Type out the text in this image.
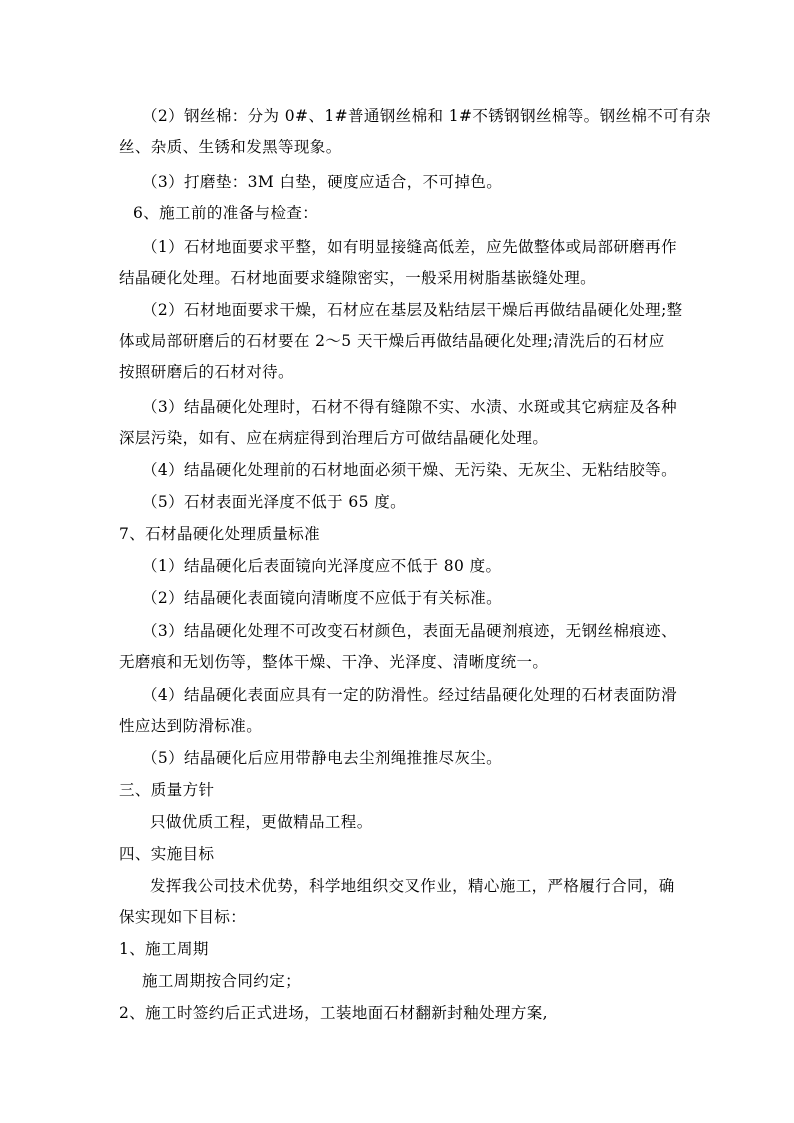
（2）钢丝棉：分为 0#、1#普通钢丝棉和 1#不锈钢钢丝棉等。钢丝棉不可有杂
丝、杂质、生锈和发黑等现象。
（3）打磨垫：3M 白垫，硬度应适合，不可掉色。
6、施工前的准备与检查：
（1）石材地面要求平整，如有明显接缝高低差，应先做整体或局部研磨再作
结晶硬化处理。石材地面要求缝隙密实，一般采用树脂基嵌缝处理。
（2）石材地面要求干燥，石材应在基层及粘结层干燥后再做结晶硬化处理;整
体或局部研磨后的石材要在 2～5 天干燥后再做结晶硬化处理;清洗后的石材应
按照研磨后的石材对待。
（3）结晶硬化处理时，石材不得有缝隙不实、水渍、水斑或其它病症及各种
深层污染，如有、应在病症得到治理后方可做结晶硬化处理。
（4）结晶硬化处理前的石材地面必须干燥、无污染、无灰尘、无粘结胶等。
（5）石材表面光泽度不低于 65 度。
7、石材晶硬化处理质量标准
（1）结晶硬化后表面镜向光泽度应不低于 80 度。
（2）结晶硬化表面镜向清晰度不应低于有关标准。
（3）结晶硬化处理不可改变石材颜色，表面无晶硬剂痕迹，无钢丝棉痕迹、
无磨痕和无划伤等，整体干燥、干净、光泽度、清晰度统一。
（4）结晶硬化表面应具有一定的防滑性。经过结晶硬化处理的石材表面防滑
性应达到防滑标准。
（5）结晶硬化后应用带静电去尘剂绳推推尽灰尘。
三、质量方针
只做优质工程，更做精品工程。
四、实施目标
发挥我公司技术优势，科学地组织交叉作业，精心施工，严格履行合同，确
保实现如下目标：
1、施工周期
施工周期按合同约定；
2、施工时签约后正式进场，工装地面石材翻新封釉处理方案,
